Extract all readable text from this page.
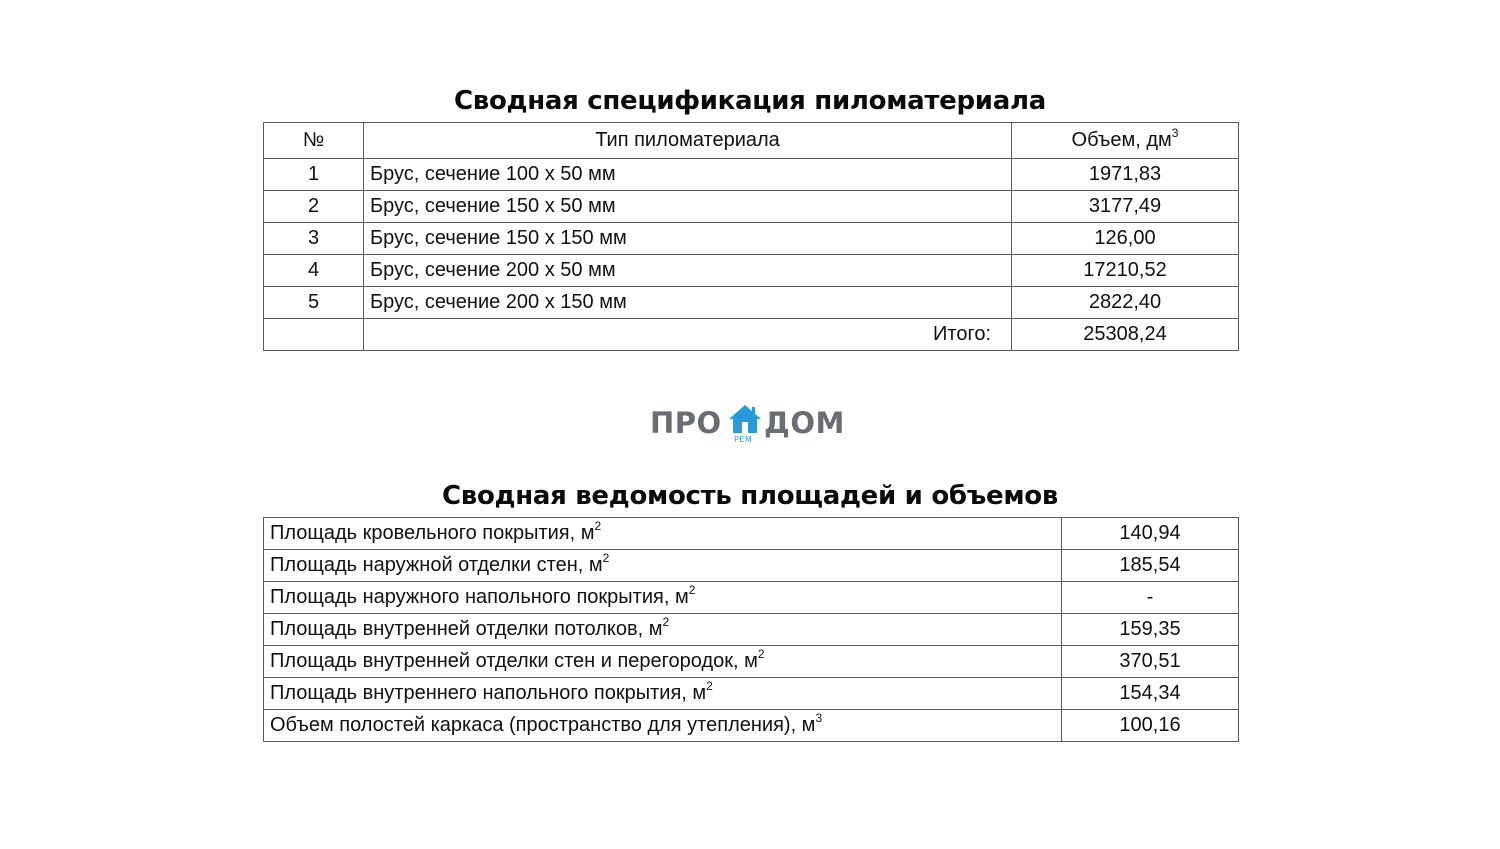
Сводная спецификация пиломатериала
№	Тип пиломатериала	Объем, $дм^3$
1	Брус, сечение 100 х 50 мм	1971,83
2	Брус, сечение 150 х 50 мм	3177,49
3	Брус, сечение 150 х 150 мм	126,00
4	Брус, сечение 200 х 50 мм	17210,52
5	Брус, сечение 200 х 150 мм	2822,40
	Итого:	25308,24
ПРО РЕМ ДОМ
Сводная ведомость площадей и объемов
Площадь кровельного покрытия, $м^2$	140,94
Площадь наружной отделки стен, $м^2$	185,54
Площадь наружного напольного покрытия, $м^2$	-
Площадь внутренней отделки потолков, $м^2$	159,35
Площадь внутренней отделки стен и перегородок, $м^2$	370,51
Площадь внутреннего напольного покрытия, $м^2$	154,34
Объем полостей каркаса (пространство для утепления), $м^3$	100,16
